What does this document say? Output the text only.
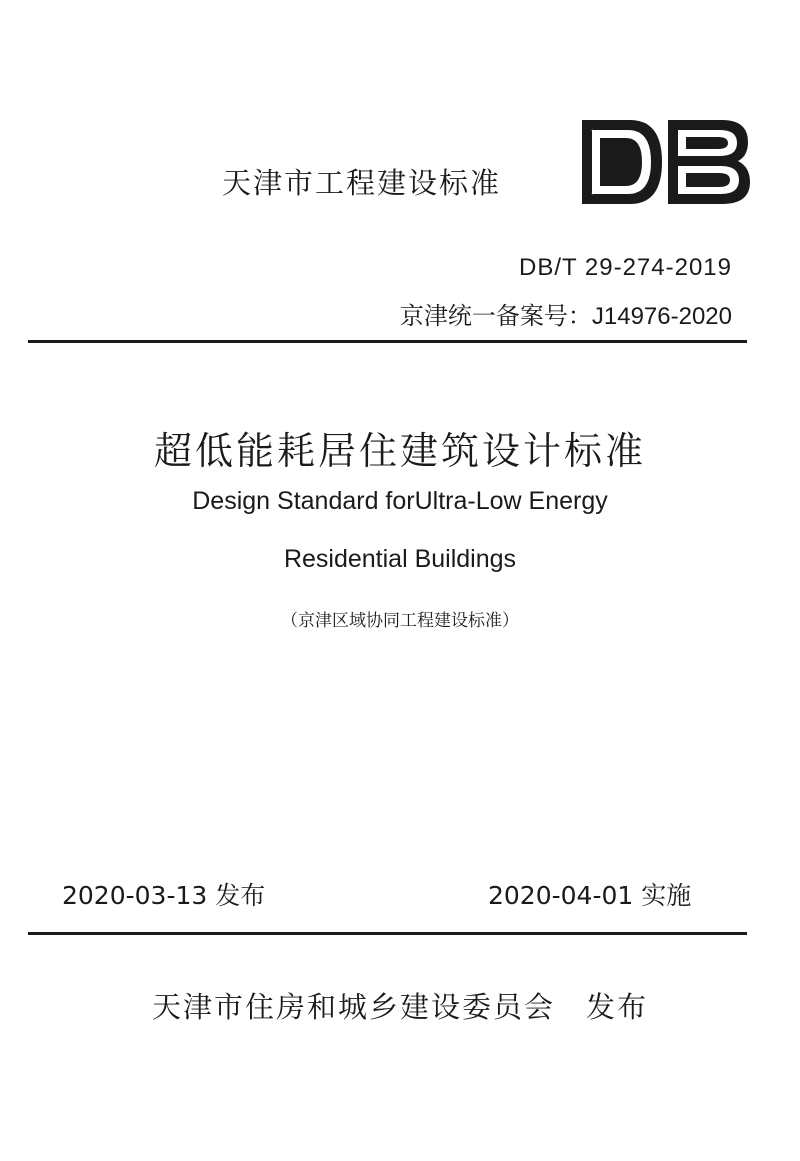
天津市工程建设标准
DB/T 29-274-2019
京津统一备案号：J14976-2020
超低能耗居住建筑设计标准
Design Standard forUltra-Low Energy
Residential Buildings
（京津区域协同工程建设标准）
2020-03-13 发布	2020-04-01 实施
天津市住房和城乡建设委员会　发布
